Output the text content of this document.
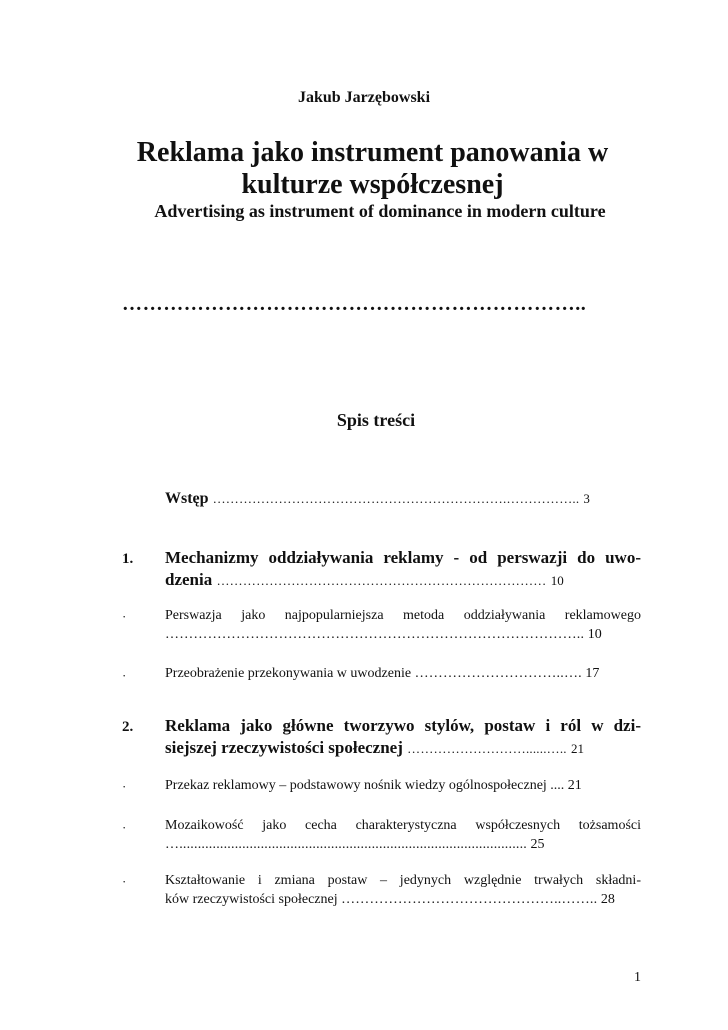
Jakub Jarzębowski
Reklama jako instrument panowania w
kulturze współczesnej
Advertising as instrument of dominance in modern culture
…………………………………………………………..
Spis treści
Wstęp ………………………………………………………….…………….. 3
1. Mechanizmy oddziaływania reklamy - od perswazji do uwo-
dzenia ………………………………………………………………… 10
·	Perswazja jako najpopularniejsza metoda oddziaływania reklamowego
…………………………………………………………………………….. 10
·	Przeobrażenie przekonywania w uwodzenie …………………………..…. 17
2. Reklama jako główne tworzywo stylów, postaw i ról w dzi-
siejszej rzeczywistości społecznej ………………………......….. 21
·	Przekaz reklamowy – podstawowy nośnik wiedzy ogólnospołecznej .... 21
·	Mozaikowość jako cecha charakterystyczna współczesnych tożsamości
….............................................................................................. 25
·	Kształtowanie i zmiana postaw – jedynych względnie trwałych składni-
ków rzeczywistości społecznej ………………………………………..…….. 28
1
